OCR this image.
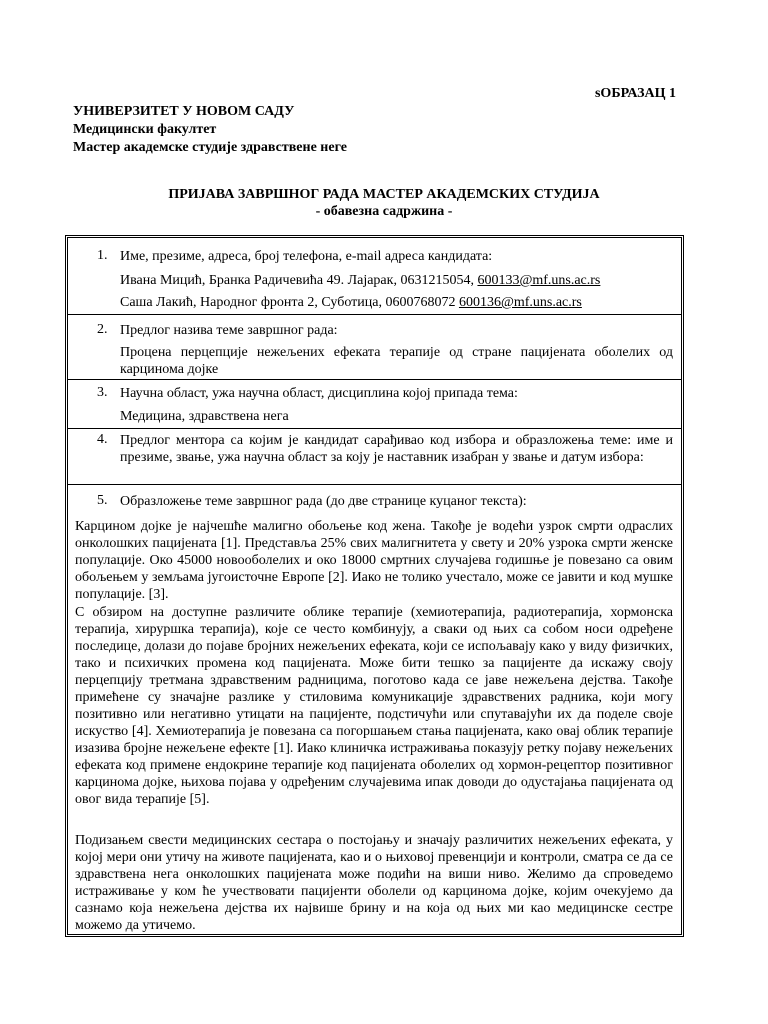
sОБРАЗАЦ 1
УНИВЕРЗИТЕТ У НОВОМ САДУ
Медицински факултет
Мастер академске студије здравствене неге
ПРИЈАВА ЗАВРШНОГ РАДА МАСТЕР АКАДЕМСКИХ СТУДИЈА
- обавезна садржина -
1. Име, презиме, адреса, број телефона, e-mail адреса кандидата:
Ивана Мицић, Бранка Радичевића 49. Лајарак, 0631215054, 600133@mf.uns.ac.rs
Саша Лакић, Народног фронта 2, Суботица, 0600768072 600136@mf.uns.ac.rs
2. Предлог назива теме завршног рада:
Процена перцепције нежељених ефеката терапије од стране пацијената оболелих од карцинома дојке
3. Научна област, ужа научна област, дисциплина којој припада тема:
Медицина, здравствена нега
4. Предлог ментора са којим је кандидат сарађивао код избора и образложења теме: име и презиме, звање, ужа научна област за коју је наставник изабран у звање и датум избора:
5. Образложење теме завршног рада (до две странице куцаног текста):
Карцином дојке је најчешће малигно обољење код жена. Такође је водећи узрок смрти одраслих онколошких пацијената [1]. Представља 25% свих малигнитета у свету и 20% узрока смрти женске популације. Око 45000 новооболелих и око 18000 смртних случајева годишње је повезано са овим обољењем у земљама југоисточне Европе [2]. Иако не толико учестало, може се јавити и код мушке популације. [3].
С обзиром на доступне различите облике терапије (хемиотерапија, радиотерапија, хормонска терапија, хируршка терапија), које се често комбинују, а сваки од њих са собом носи одређене последице, долази до појаве бројних нежељених ефеката, који се испољавају како у виду физичких, тако и психичких промена код пацијената. Може бити тешко за пацијенте да искажу своју перцепцију третмана здравственим радницима, поготово када се јаве нежељена дејства. Такође примећене су значајне разлике у стиловима комуникације здравствених радника, који могу позитивно или негативно утицати на пацијенте, подстичући или спутавајући их да поделе своје искуство [4]. Хемиотерапија је повезана са погоршањем стања пацијената, како овај облик терапије изазива бројне нежељене ефекте [1]. Иако клиничка истраживања показују ретку појаву нежељених ефеката код примене ендокрине терапије код пацијената оболелих од хормон-рецептор позитивног карцинома дојке, њихова појава у одређеним случајевима ипак доводи до одустајања пацијената од овог вида терапије [5].
Подизањем свести медицинских сестара о постојању и значају различитих нежељених ефеката, у којој мери они утичу на животе пацијената, као и о њиховој превенцији и контроли, сматра се да се здравствена нега онколошких пацијената може подићи на виши ниво. Желимо да спроведемо истраживање у ком ће учествовати пацијенти оболели од карцинома дојке, којим очекујемо да сазнамо која нежељена дејства их највише брину и на која од њих ми као медицинске сестре можемо да утичемо.
